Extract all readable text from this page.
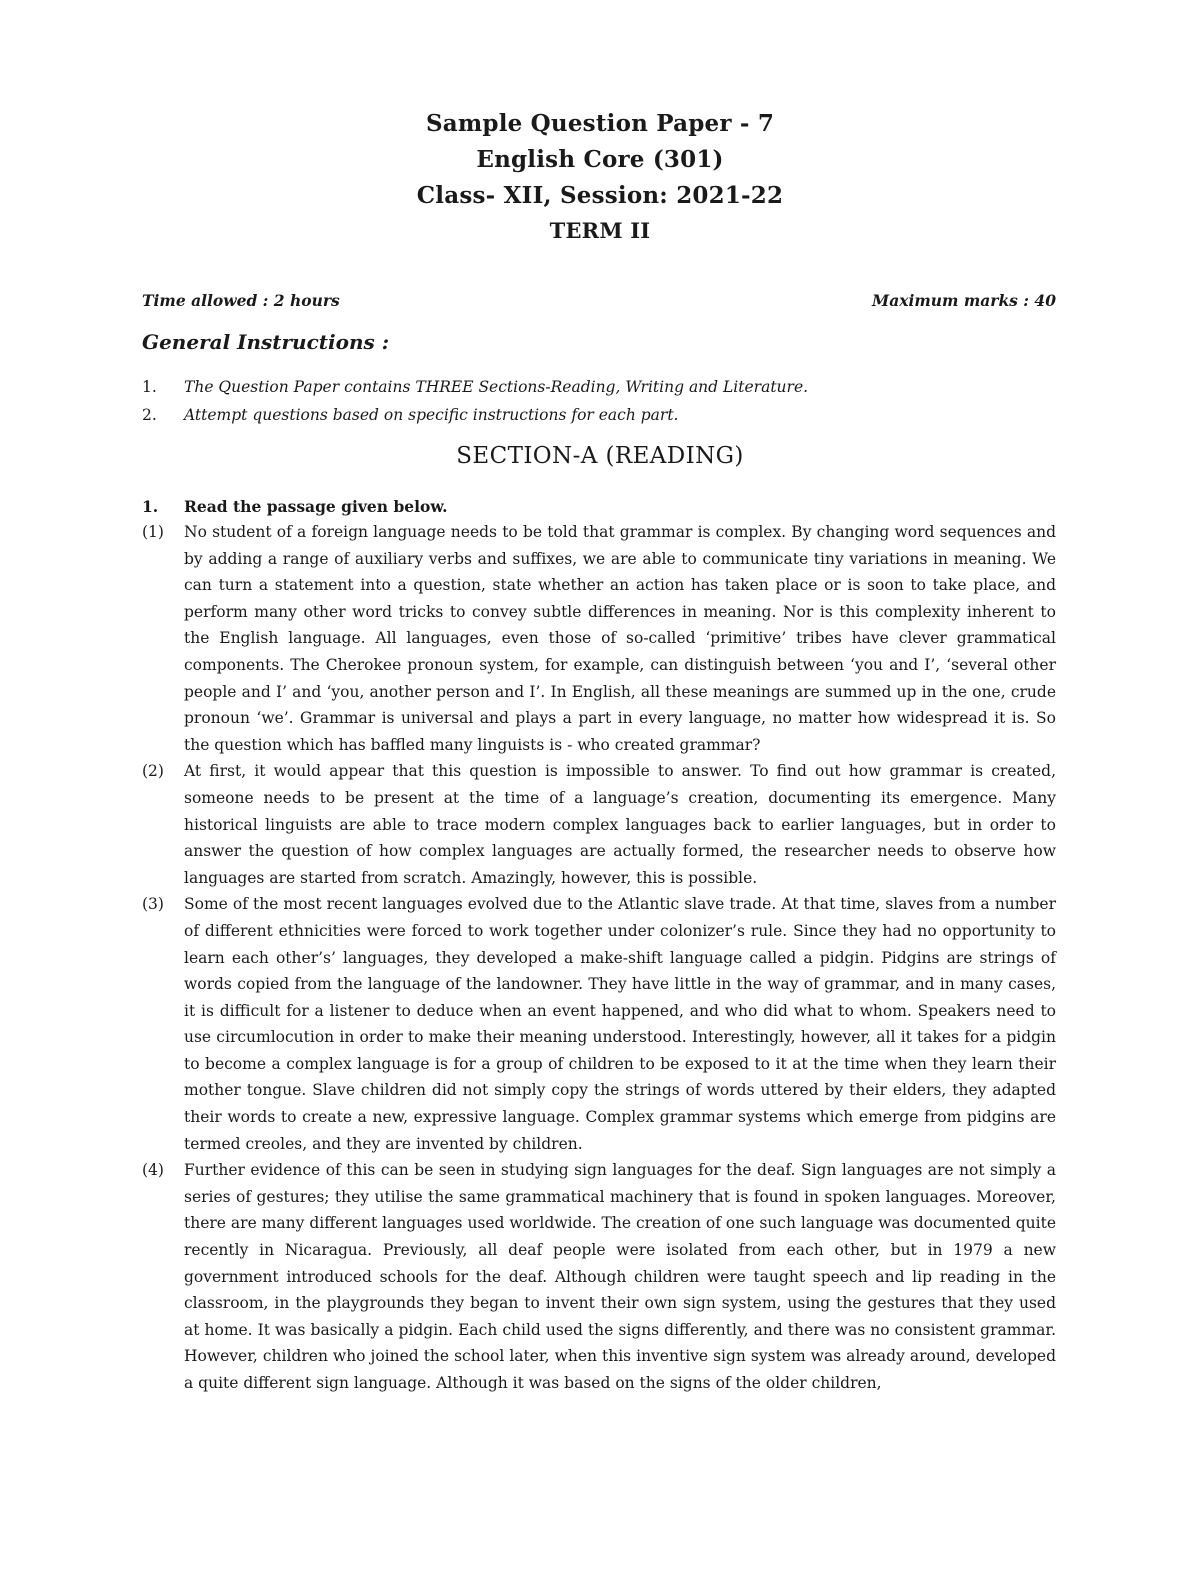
Sample Question Paper - 7

English Core (301)

Class- XII, Session: 2021-22

TERM II

Time allowed : 2 hours	Maximum marks : 40
General Instructions :
1.	The Question Paper contains THREE Sections-Reading, Writing and Literature.
2.	Attempt questions based on specific instructions for each part.
SECTION-A (READING)
1.	Read the passage given below.
(1)	No student of a foreign language needs to be told that grammar is complex. By changing word sequences and by adding a range of auxiliary verbs and suffixes, we are able to communicate tiny variations in meaning. We can turn a statement into a question, state whether an action has taken place or is soon to take place, and perform many other word tricks to convey subtle differences in meaning. Nor is this complexity inherent to the English language. All languages, even those of so-called ‘primitive’ tribes have clever grammatical components. The Cherokee pronoun system, for example, can distinguish between ‘you and I’, ‘several other people and I’ and ‘you, another person and I’. In English, all these meanings are summed up in the one, crude pronoun ‘we’. Grammar is universal and plays a part in every language, no matter how widespread it is. So the question which has baffled many linguists is - who created grammar?

(2)	At first, it would appear that this question is impossible to answer. To find out how grammar is created, someone needs to be present at the time of a language’s creation, documenting its emergence. Many historical linguists are able to trace modern complex languages back to earlier languages, but in order to answer the question of how complex languages are actually formed, the researcher needs to observe how languages are started from scratch. Amazingly, however, this is possible.

(3)	Some of the most recent languages evolved due to the Atlantic slave trade. At that time, slaves from a number of different ethnicities were forced to work together under colonizer’s rule. Since they had no opportunity to learn each other’s’ languages, they developed a make-shift language called a pidgin. Pidgins are strings of words copied from the language of the landowner. They have little in the way of grammar, and in many cases, it is difficult for a listener to deduce when an event happened, and who did what to whom. Speakers need to use circumlocution in order to make their meaning understood. Interestingly, however, all it takes for a pidgin to become a complex language is for a group of children to be exposed to it at the time when they learn their mother tongue. Slave children did not simply copy the strings of words uttered by their elders, they adapted their words to create a new, expressive language. Complex grammar systems which emerge from pidgins are termed creoles, and they are invented by children.

(4)	Further evidence of this can be seen in studying sign languages for the deaf. Sign languages are not simply a series of gestures; they utilise the same grammatical machinery that is found in spoken languages. Moreover, there are many different languages used worldwide. The creation of one such language was documented quite recently in Nicaragua. Previously, all deaf people were isolated from each other, but in 1979 a new government introduced schools for the deaf. Although children were taught speech and lip reading in the classroom, in the playgrounds they began to invent their own sign system, using the gestures that they used at home. It was basically a pidgin. Each child used the signs differently, and there was no consistent grammar. However, children who joined the school later, when this inventive sign system was already around, developed a quite different sign language. Although it was based on the signs of the older children,
